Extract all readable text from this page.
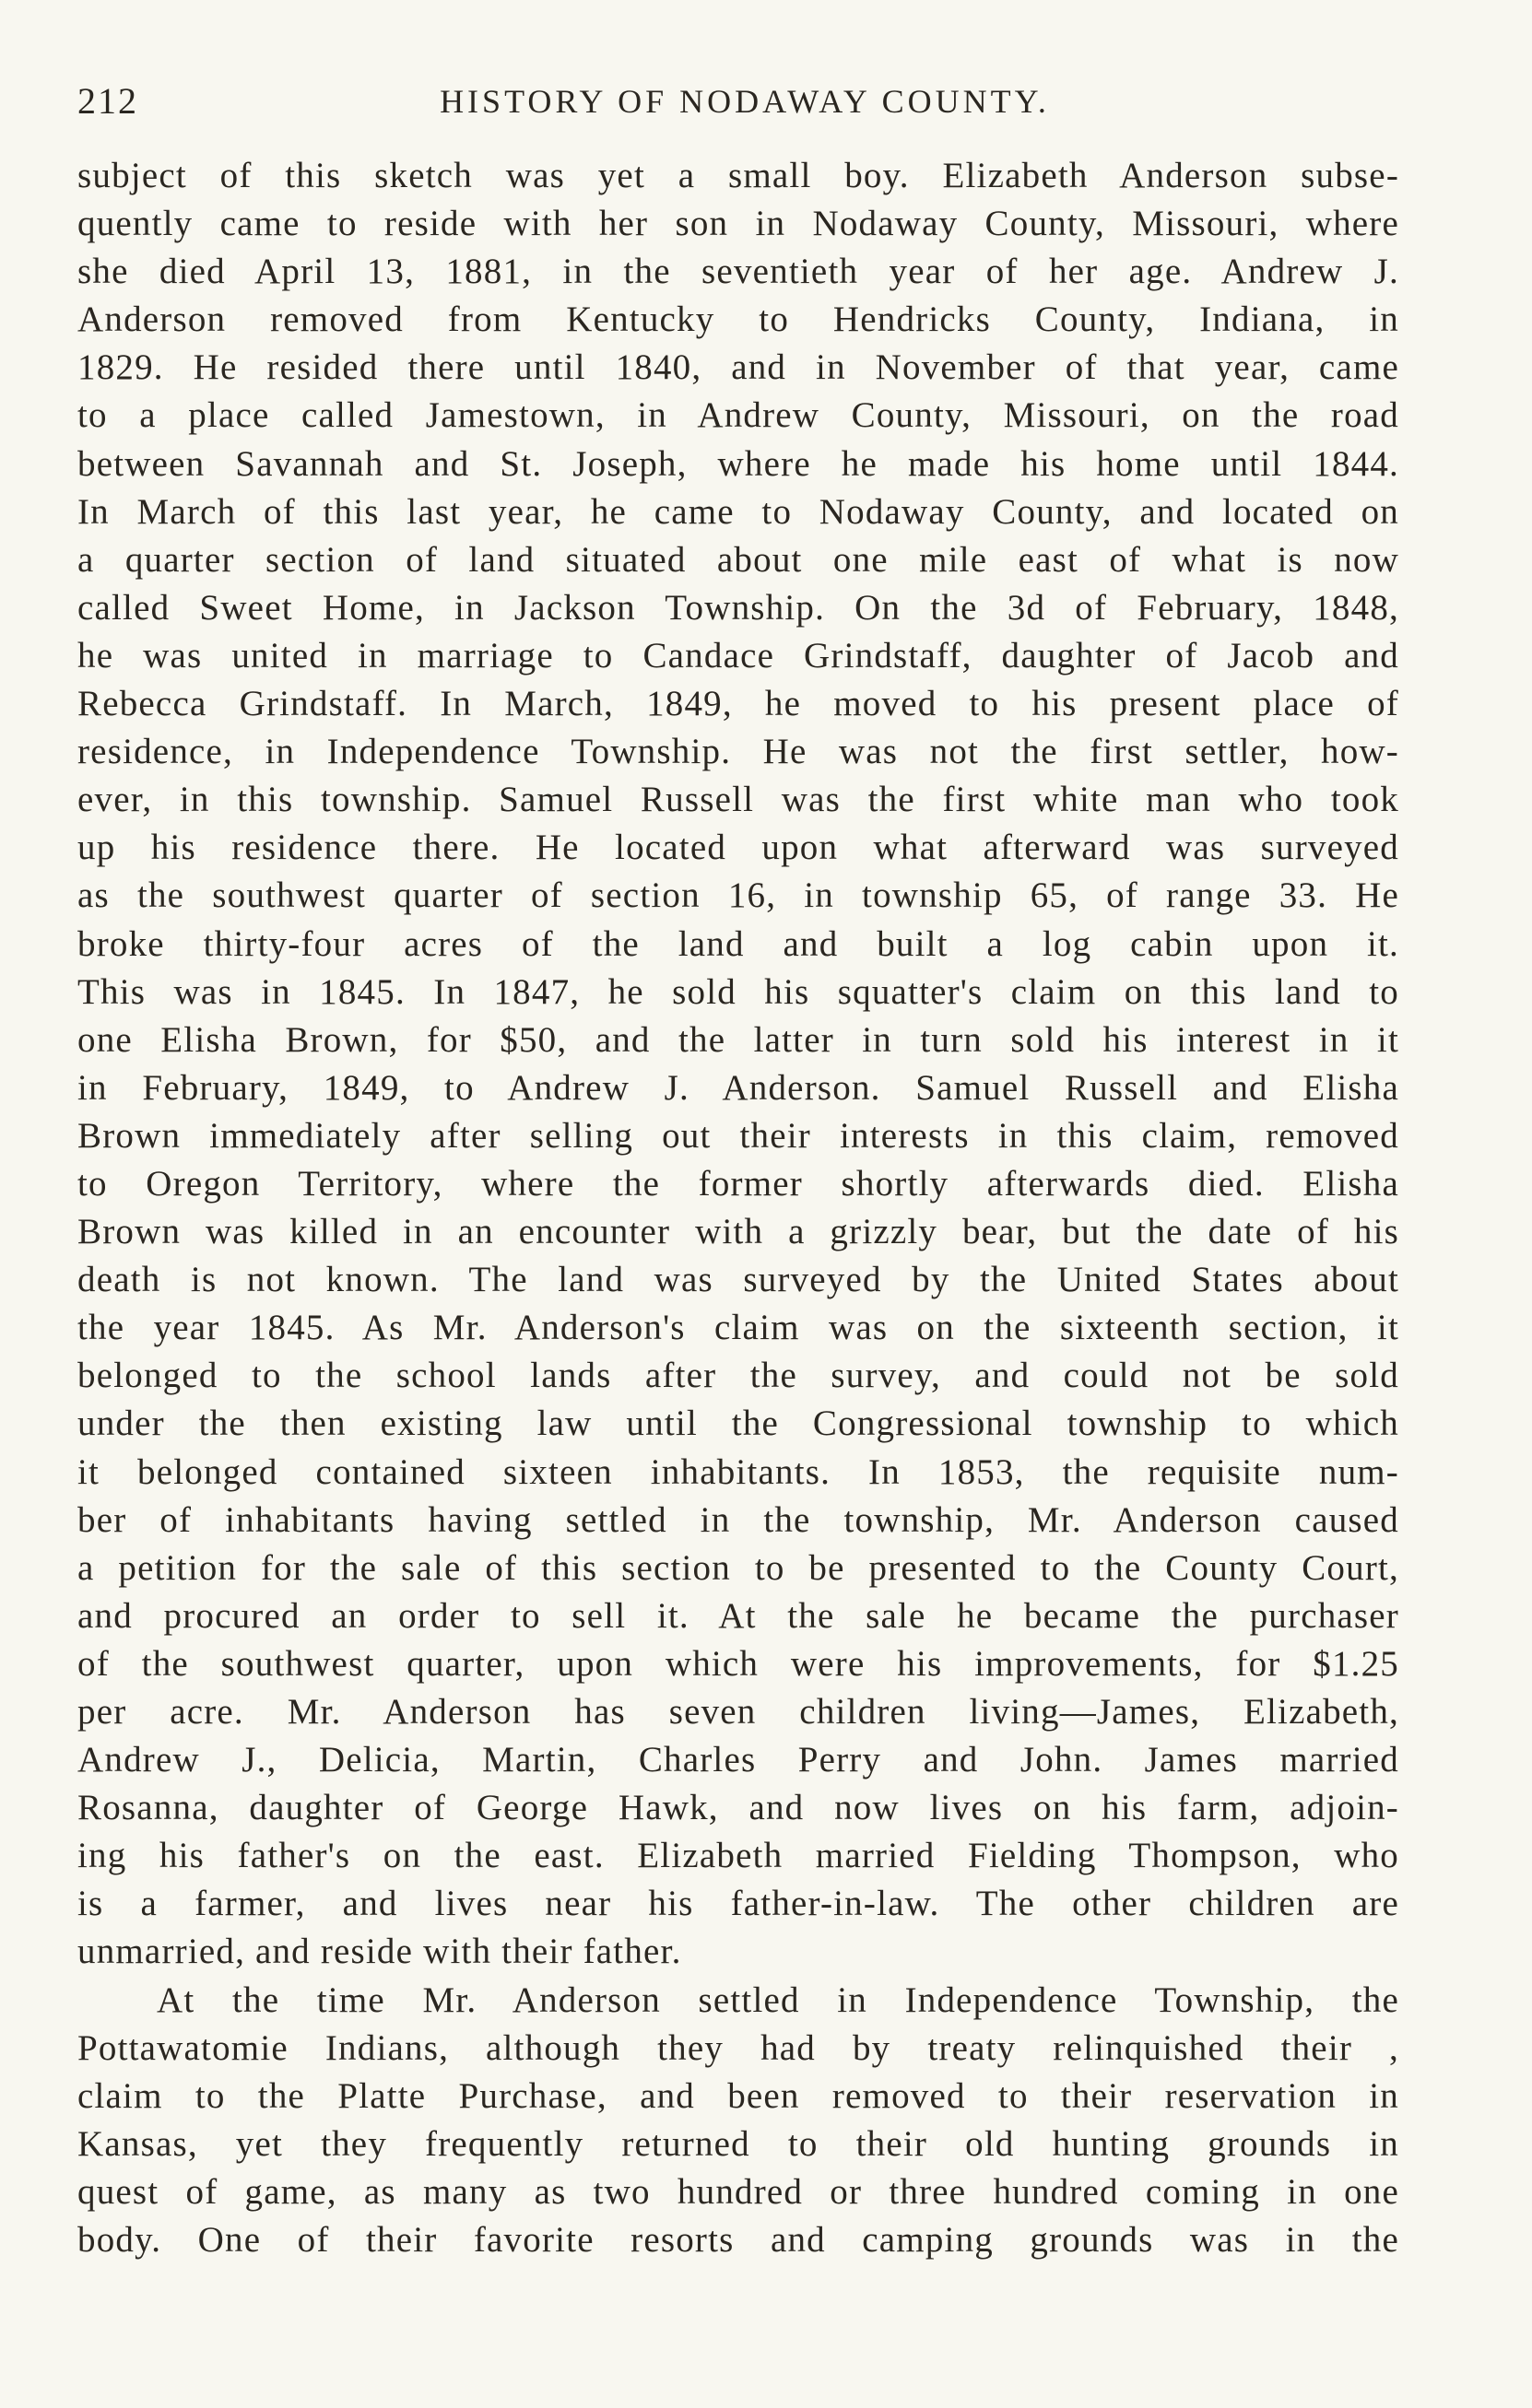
212	HISTORY OF NODAWAY COUNTY.
subject of this sketch was yet a small boy. Elizabeth Anderson subse-
quently came to reside with her son in Nodaway County, Missouri, where
she died April 13, 1881, in the seventieth year of her age. Andrew J.
Anderson removed from Kentucky to Hendricks County, Indiana, in
1829. He resided there until 1840, and in November of that year, came
to a place called Jamestown, in Andrew County, Missouri, on the road
between Savannah and St. Joseph, where he made his home until 1844.
In March of this last year, he came to Nodaway County, and located on
a quarter section of land situated about one mile east of what is now
called Sweet Home, in Jackson Township. On the 3d of February, 1848,
he was united in marriage to Candace Grindstaff, daughter of Jacob and
Rebecca Grindstaff. In March, 1849, he moved to his present place of
residence, in Independence Township. He was not the first settler, how-
ever, in this township. Samuel Russell was the first white man who took
up his residence there. He located upon what afterward was surveyed
as the southwest quarter of section 16, in township 65, of range 33. He
broke thirty-four acres of the land and built a log cabin upon it.
This was in 1845. In 1847, he sold his squatter's claim on this land to
one Elisha Brown, for $50, and the latter in turn sold his interest in it
in February, 1849, to Andrew J. Anderson. Samuel Russell and Elisha
Brown immediately after selling out their interests in this claim, removed
to Oregon Territory, where the former shortly afterwards died. Elisha
Brown was killed in an encounter with a grizzly bear, but the date of his
death is not known. The land was surveyed by the United States about
the year 1845. As Mr. Anderson's claim was on the sixteenth section, it
belonged to the school lands after the survey, and could not be sold
under the then existing law until the Congressional township to which
it belonged contained sixteen inhabitants. In 1853, the requisite num-
ber of inhabitants having settled in the township, Mr. Anderson caused
a petition for the sale of this section to be presented to the County Court,
and procured an order to sell it. At the sale he became the purchaser
of the southwest quarter, upon which were his improvements, for $1.25
per acre. Mr. Anderson has seven children living—James, Elizabeth,
Andrew J., Delicia, Martin, Charles Perry and John. James married
Rosanna, daughter of George Hawk, and now lives on his farm, adjoin-
ing his father's on the east. Elizabeth married Fielding Thompson, who
is a farmer, and lives near his father-in-law. The other children are
unmarried, and reside with their father.
At the time Mr. Anderson settled in Independence Township, the
Pottawatomie Indians, although they had by treaty relinquished their ,
claim to the Platte Purchase, and been removed to their reservation in
Kansas, yet they frequently returned to their old hunting grounds in
quest of game, as many as two hundred or three hundred coming in one
body. One of their favorite resorts and camping grounds was in the
